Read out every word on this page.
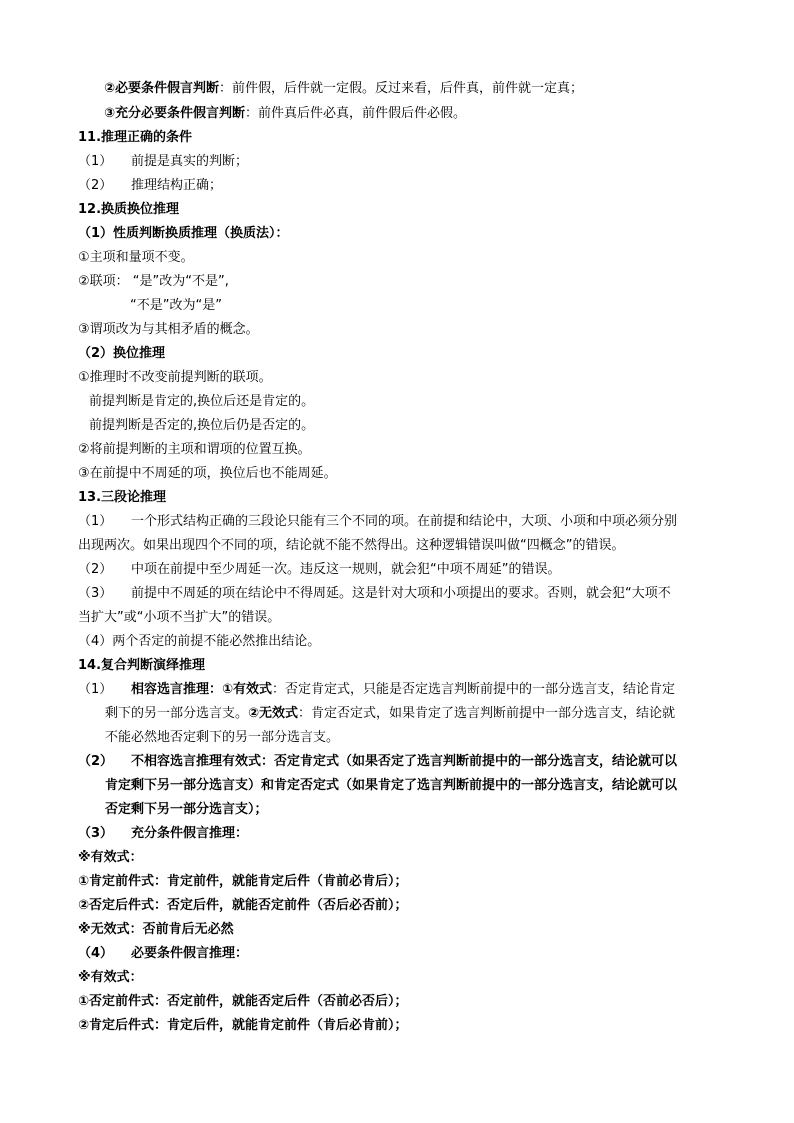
②必要条件假言判断：前件假，后件就一定假。反过来看，后件真，前件就一定真；
③充分必要条件假言判断：前件真后件必真，前件假后件必假。
11.推理正确的条件
（1） 前提是真实的判断；
（2） 推理结构正确；
12.换质换位推理
（1）性质判断换质推理（换质法）：
①主项和量项不变。
②联项： “是”改为“不是”,
“不是”改为“是”
③谓项改为与其相矛盾的概念。
（2）换位推理
①推理时不改变前提判断的联项。
前提判断是肯定的,换位后还是肯定的。
前提判断是否定的,换位后仍是否定的。
②将前提判断的主项和谓项的位置互换。
③在前提中不周延的项，换位后也不能周延。
13.三段论推理
（1） 一个形式结构正确的三段论只能有三个不同的项。在前提和结论中，大项、小项和中项必须分别
出现两次。如果出现四个不同的项，结论就不能不然得出。这种逻辑错误叫做“四概念”的错误。
（2） 中项在前提中至少周延一次。违反这一规则，就会犯“中项不周延”的错误。
（3） 前提中不周延的项在结论中不得周延。这是针对大项和小项提出的要求。否则，就会犯“大项不
当扩大”或“小项不当扩大”的错误。
（4）两个否定的前提不能必然推出结论。
14.复合判断演绎推理
（1） 相容选言推理：①有效式：否定肯定式，只能是否定选言判断前提中的一部分选言支，结论肯定
剩下的另一部分选言支。②无效式：肯定否定式，如果肯定了选言判断前提中一部分选言支，结论就
不能必然地否定剩下的另一部分选言支。
（2） 不相容选言推理有效式：否定肯定式（如果否定了选言判断前提中的一部分选言支，结论就可以
肯定剩下另一部分选言支）和肯定否定式（如果肯定了选言判断前提中的一部分选言支，结论就可以
否定剩下另一部分选言支）；
（3） 充分条件假言推理：
※有效式：
①肯定前件式：肯定前件，就能肯定后件（肯前必肯后）；
②否定后件式：否定后件，就能否定前件（否后必否前）；
※无效式：否前肯后无必然
（4） 必要条件假言推理：
※有效式：
①否定前件式：否定前件，就能否定后件（否前必否后）；
②肯定后件式：肯定后件，就能肯定前件（肯后必肯前）；
